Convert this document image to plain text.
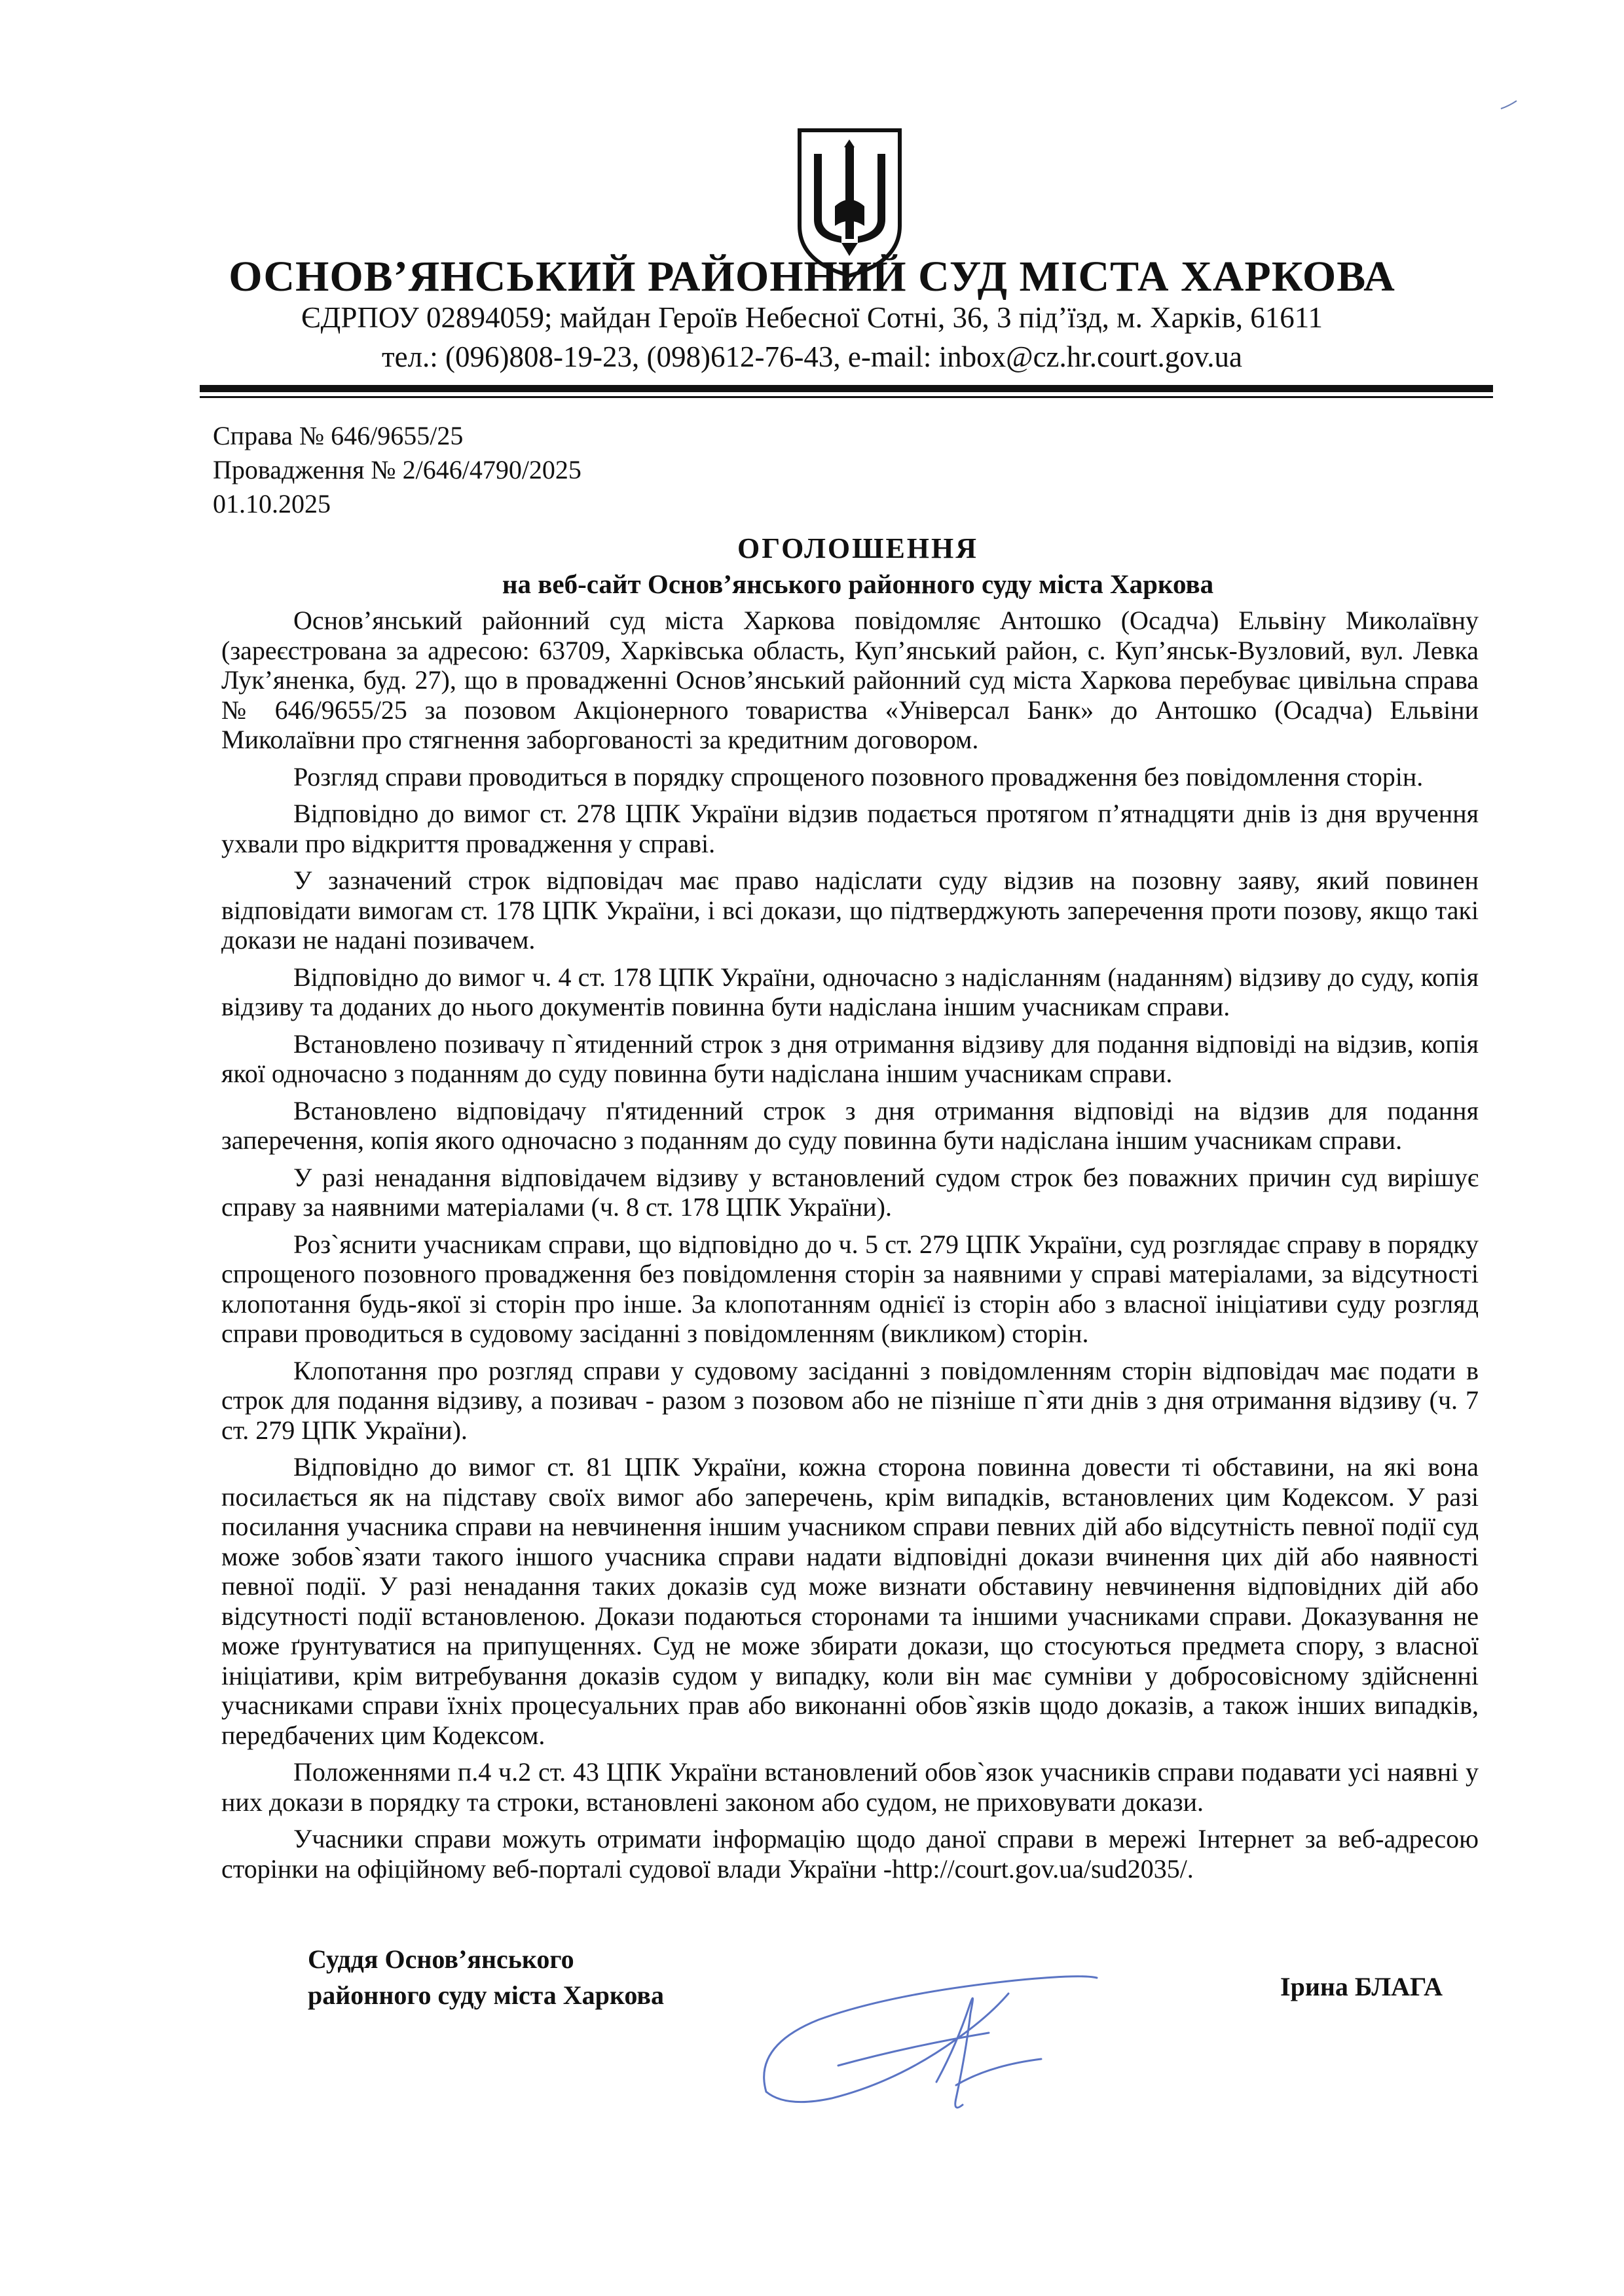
ОСНОВ’ЯНСЬКИЙ РАЙОННИЙ СУД МІСТА ХАРКОВА

ЄДРПОУ 02894059; майдан Героїв Небесної Сотні, 36, 3 під’їзд, м. Харків, 61611

тел.: (096)808-19-23, (098)612-76-43, e-mail: inbox@cz.hr.court.gov.ua

Справа № 646/9655/25
Провадження № 2/646/4790/2025
01.10.2025
ОГОЛОШЕННЯ
на веб-сайт Основ’янського районного суду міста Харкова

Основ’янський районний суд міста Харкова повідомляє Антошко (Осадча) Ельвіну Миколаївну (зареєстрована за адресою: 63709, Харківська область, Куп’янський район, с. Куп’янськ-Вузловий, вул. Левка Лук’яненка, буд. 27), що в провадженні Основ’янський районний суд міста Харкова перебуває цивільна справа № 646/9655/25 за позовом Акціонерного товариства «Універсал Банк» до Антошко (Осадча) Ельвіни Миколаївни про стягнення заборгованості за кредитним договором.

Розгляд справи проводиться в порядку спрощеного позовного провадження без повідомлення сторін.

Відповідно до вимог ст. 278 ЦПК України відзив подається протягом п’ятнадцяти днів із дня вручення ухвали про відкриття провадження у справі.

У зазначений строк відповідач має право надіслати суду відзив на позовну заяву, який повинен відповідати вимогам ст. 178 ЦПК України, і всі докази, що підтверджують заперечення проти позову, якщо такі докази не надані позивачем.

Відповідно до вимог ч. 4 ст. 178 ЦПК України, одночасно з надісланням (наданням) відзиву до суду, копія відзиву та доданих до нього документів повинна бути надіслана іншим учасникам справи.

Встановлено позивачу п`ятиденний строк з дня отримання відзиву для подання відповіді на відзив, копія якої одночасно з поданням до суду повинна бути надіслана іншим учасникам справи.

Встановлено відповідачу п'ятиденний строк з дня отримання відповіді на відзив для подання заперечення, копія якого одночасно з поданням до суду повинна бути надіслана іншим учасникам справи.

У разі ненадання відповідачем відзиву у встановлений судом строк без поважних причин суд вирішує справу за наявними матеріалами (ч. 8 ст. 178 ЦПК України).

Роз`яснити учасникам справи, що відповідно до ч. 5 ст. 279 ЦПК України, суд розглядає справу в порядку спрощеного позовного провадження без повідомлення сторін за наявними у справі матеріалами, за відсутності клопотання будь-якої зі сторін про інше. За клопотанням однієї із сторін або з власної ініціативи суду розгляд справи проводиться в судовому засіданні з повідомленням (викликом) сторін.

Клопотання про розгляд справи у судовому засіданні з повідомленням сторін відповідач має подати в строк для подання відзиву, а позивач - разом з позовом або не пізніше п`яти днів з дня отримання відзиву (ч. 7 ст. 279 ЦПК України).

Відповідно до вимог ст. 81 ЦПК України, кожна сторона повинна довести ті обставини, на які вона посилається як на підставу своїх вимог або заперечень, крім випадків, встановлених цим Кодексом. У разі посилання учасника справи на невчинення іншим учасником справи певних дій або відсутність певної події суд може зобов`язати такого іншого учасника справи надати відповідні докази вчинення цих дій або наявності певної події. У разі ненадання таких доказів суд може визнати обставину невчинення відповідних дій або відсутності події встановленою. Докази подаються сторонами та іншими учасниками справи. Доказування не може ґрунтуватися на припущеннях. Суд не може збирати докази, що стосуються предмета спору, з власної ініціативи, крім витребування доказів судом у випадку, коли він має сумніви у добросовісному здійсненні учасниками справи їхніх процесуальних прав або виконанні обов`язків щодо доказів, а також інших випадків, передбачених цим Кодексом.

Положеннями п.4 ч.2 ст. 43 ЦПК України встановлений обов`язок учасників справи подавати усі наявні у них докази в порядку та строки, встановлені законом або судом, не приховувати докази.

Учасники справи можуть отримати інформацію щодо даної справи в мережі Інтернет за веб-адресою сторінки на офіційному веб-порталі судової влади України -http://court.gov.ua/sud2035/.

Суддя Основ’янського
районного суду міста Харкова	Ірина БЛАГА
